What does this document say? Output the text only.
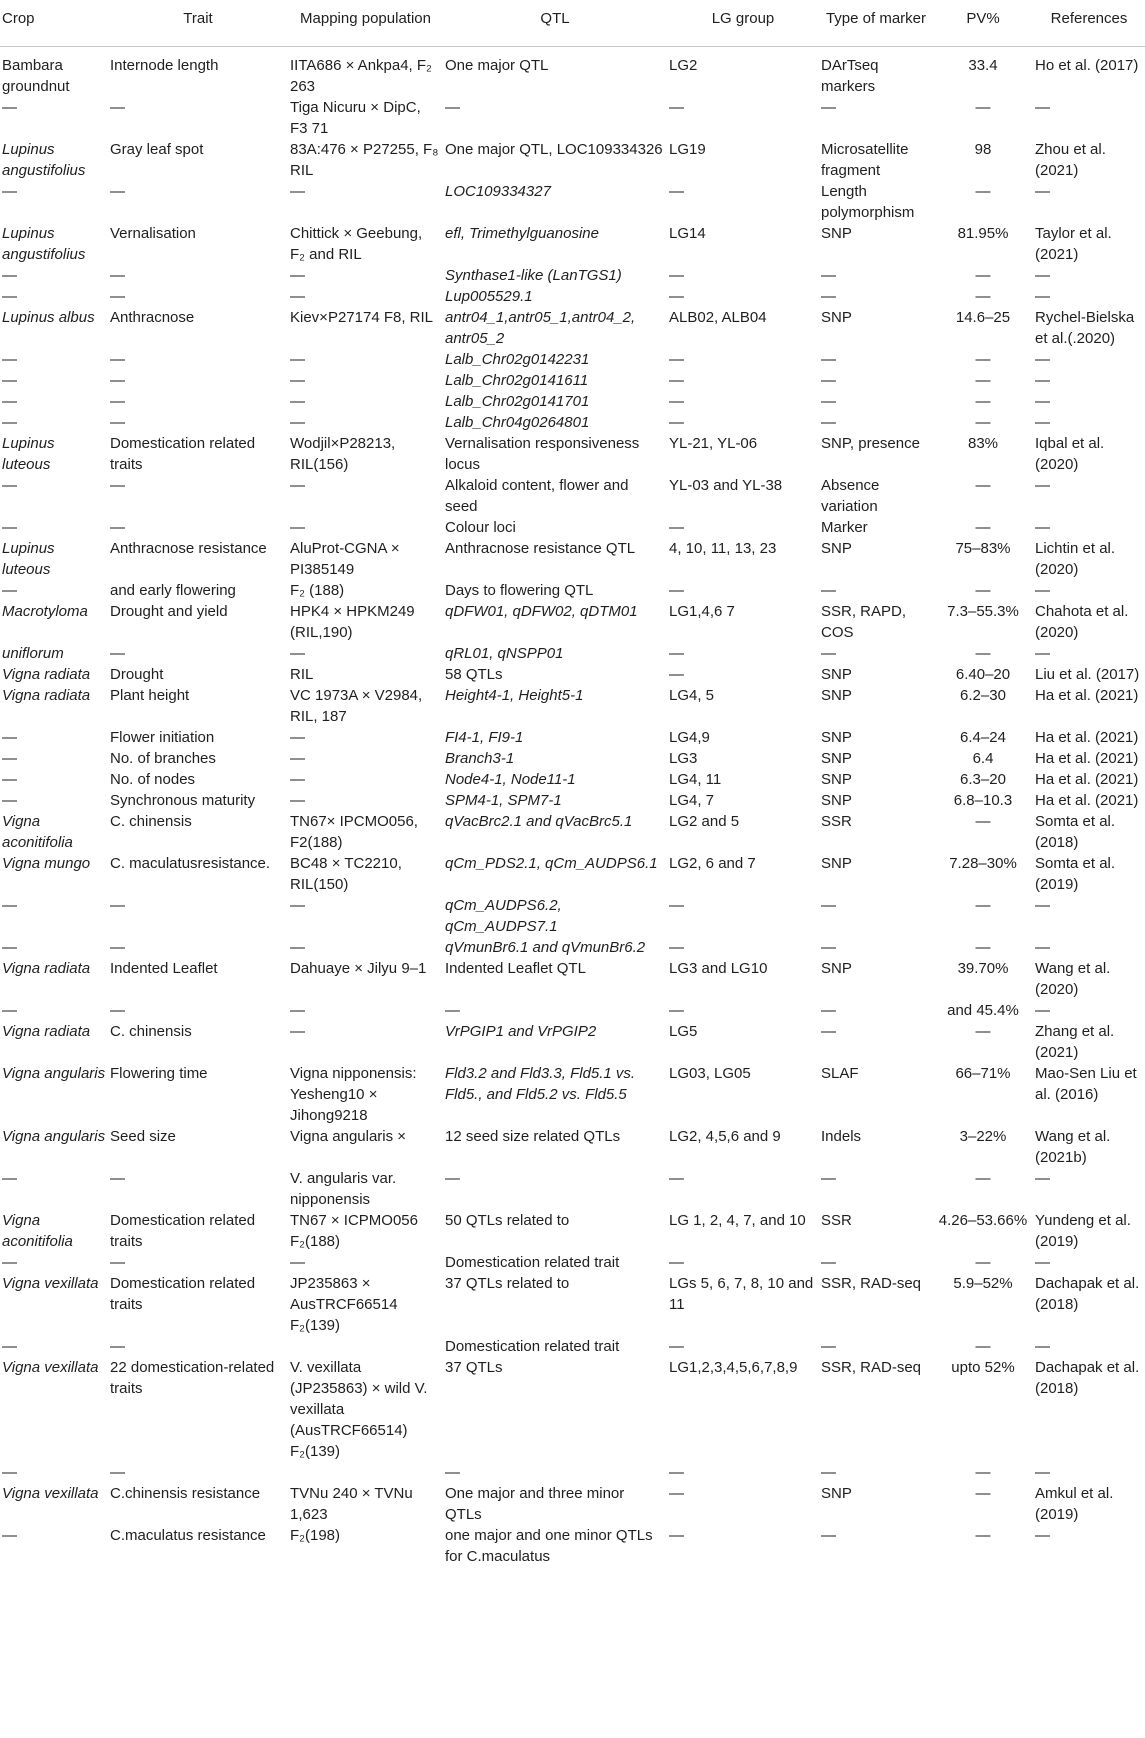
Crop	Trait	Mapping population	QTL	LG group	Type of marker	PV%	References
Bambara groundnut	Internode length	IITA686 × Ankpa4, F₂ 263	One major QTL	LG2	DArTseq markers	33.4	Ho et al. (2017)
—	—	Tiga Nicuru × DipC, F3 71	—	—	—	—	—
Lupinus angustifolius	Gray leaf spot	83A:476 × P27255, F₈ RIL	One major QTL, LOC109334326	LG19	Microsatellite fragment	98	Zhou et al. (2021)
—	—	—	LOC109334327	—	Length polymorphism	—	—
Lupinus angustifolius	Vernalisation	Chittick × Geebung, F₂ and RIL	efl, Trimethylguanosine	LG14	SNP	81.95%	Taylor et al. (2021)
—	—	—	Synthase1-like (LanTGS1)	—	—	—	—
—	—	—	Lup005529.1	—	—	—	—
Lupinus albus	Anthracnose	Kiev×P27174 F8, RIL	antr04_1,antr05_1,antr04_2, antr05_2	ALB02, ALB04	SNP	14.6–25	Rychel-Bielska et al.(.2020)
—	—	—	Lalb_Chr02g0142231	—	—	—	—
—	—	—	Lalb_Chr02g0141611	—	—	—	—
—	—	—	Lalb_Chr02g0141701	—	—	—	—
—	—	—	Lalb_Chr04g0264801	—	—	—	—
Lupinus luteous	Domestication related traits	Wodjil×P28213, RIL(156)	Vernalisation responsiveness locus	YL-21, YL-06	SNP, presence	83%	Iqbal et al. (2020)
—	—	—	Alkaloid content, flower and seed	YL-03 and YL-38	Absence variation	—	—
—	—	—	Colour loci	—	Marker	—	—
Lupinus luteous	Anthracnose resistance	AluProt-CGNA × PI385149	Anthracnose resistance QTL	4, 10, 11, 13, 23	SNP	75–83%	Lichtin et al. (2020)
—	and early flowering	F₂ (188)	Days to flowering QTL	—	—	—	—
Macrotyloma	Drought and yield	HPK4 × HPKM249 (RIL,190)	qDFW01, qDFW02, qDTM01	LG1,4,6 7	SSR, RAPD, COS	7.3–55.3%	Chahota et al. (2020)
uniflorum	—	—	qRL01, qNSPP01	—	—	—	—
Vigna radiata	Drought	RIL	58 QTLs	—	SNP	6.40–20	Liu et al. (2017)
Vigna radiata	Plant height	VC 1973A × V2984, RIL, 187	Height4-1, Height5-1	LG4, 5	SNP	6.2–30	Ha et al. (2021)
—	Flower initiation	—	FI4-1, FI9-1	LG4,9	SNP	6.4–24	Ha et al. (2021)
—	No. of branches	—	Branch3-1	LG3	SNP	6.4	Ha et al. (2021)
—	No. of nodes	—	Node4-1, Node11-1	LG4, 11	SNP	6.3–20	Ha et al. (2021)
—	Synchronous maturity	—	SPM4-1, SPM7-1	LG4, 7	SNP	6.8–10.3	Ha et al. (2021)
Vigna aconitifolia	C. chinensis	TN67× IPCMO056, F2(188)	qVacBrc2.1 and qVacBrc5.1	LG2 and 5	SSR	—	Somta et al. (2018)
Vigna mungo	C. maculatusresistance.	BC48 × TC2210, RIL(150)	qCm_PDS2.1, qCm_AUDPS6.1	LG2, 6 and 7	SNP	7.28–30%	Somta et al. (2019)
—	—	—	qCm_AUDPS6.2, qCm_AUDPS7.1	—	—	—	—
—	—	—	qVmunBr6.1 and qVmunBr6.2	—	—	—	—
Vigna radiata	Indented Leaflet	Dahuaye × Jilyu 9–1	Indented Leaflet QTL	LG3 and LG10	SNP	39.70%	Wang et al. (2020)
—	—	—	—	—	—	and 45.4%	—
Vigna radiata	C. chinensis	—	VrPGIP1 and VrPGIP2	LG5	—	—	Zhang et al. (2021)
Vigna angularis	Flowering time	Vigna nipponensis: Yesheng10 × Jihong9218	Fld3.2 and Fld3.3, Fld5.1 vs. Fld5., and Fld5.2 vs. Fld5.5	LG03, LG05	SLAF	66–71%	Mao-Sen Liu et al. (2016)
Vigna angularis	Seed size	Vigna angularis ×	12 seed size related QTLs	LG2, 4,5,6 and 9	Indels	3–22%	Wang et al. (2021b)
—	—	V. angularis var. nipponensis	—	—	—	—	—
Vigna aconitifolia	Domestication related traits	TN67 × ICPMO056 F₂(188)	50 QTLs related to	LG 1, 2, 4, 7, and 10	SSR	4.26–53.66%	Yundeng et al. (2019)
—	—	—	Domestication related trait	—	—	—	—
Vigna vexillata	Domestication related traits	JP235863 × AusTRCF66514 F₂(139)	37 QTLs related to	LGs 5, 6, 7, 8, 10 and 11	SSR, RAD-seq	5.9–52%	Dachapak et al. (2018)
—	—		Domestication related trait	—	—	—	—
Vigna vexillata	22 domestication-related traits	V. vexillata (JP235863) × wild V. vexillata (AusTRCF66514) F₂(139)	37 QTLs	LG1,2,3,4,5,6,7,8,9	SSR, RAD-seq	upto 52%	Dachapak et al. (2018)
—	—		—	—	—	—	—
Vigna vexillata	C.chinensis resistance	TVNu 240 × TVNu 1,623	One major and three minor QTLs	—	SNP	—	Amkul et al. (2019)
—	C.maculatus resistance	F₂(198)	one major and one minor QTLs for C.maculatus	—	—	—	—
